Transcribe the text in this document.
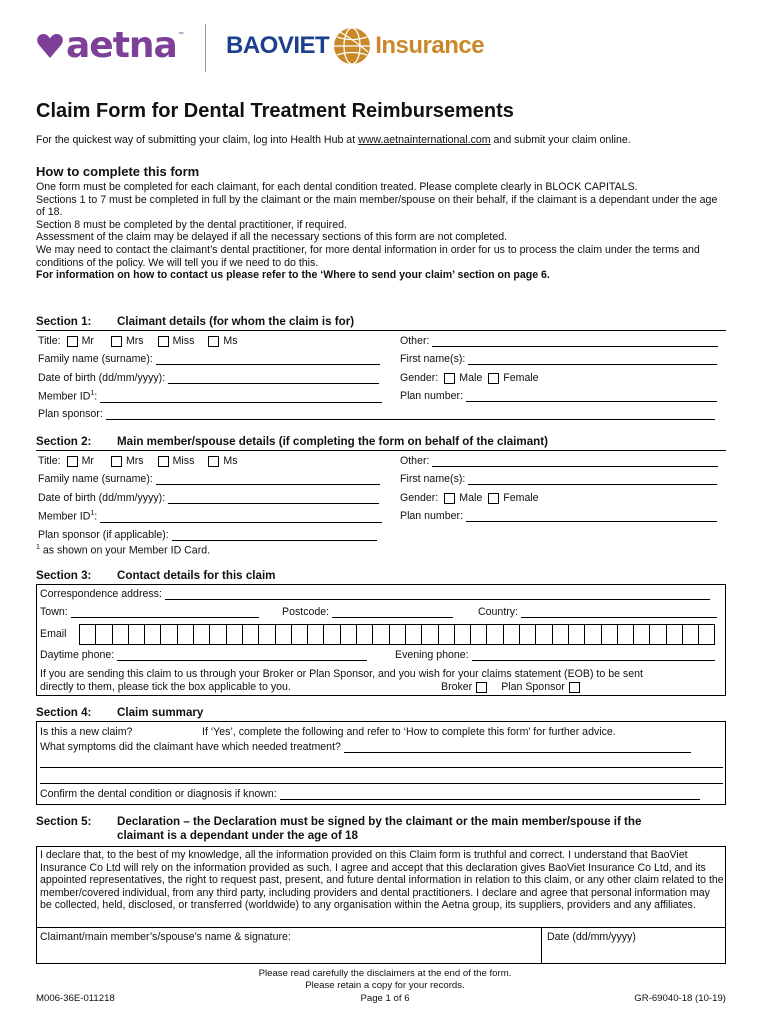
aetna ™ BAOVIET Insurance
Claim Form for Dental Treatment Reimbursements
For the quickest way of submitting your claim, log into Health Hub at www.aetnainternational.com and submit your claim online.
How to complete this form

One form must be completed for each claimant, for each dental condition treated. Please complete clearly in BLOCK CAPITALS.

Sections 1 to 7 must be completed in full by the claimant or the main member/spouse on their behalf, if the claimant is a dependant under the age of 18.

Section 8 must be completed by the dental practitioner, if required.

Assessment of the claim may be delayed if all the necessary sections of this form are not completed.

We may need to contact the claimant’s dental practitioner, for more dental information in order for us to process the claim under the terms and conditions of the policy. We will tell you if we need to do this.

For information on how to contact us please refer to the ‘Where to send your claim’ section on page 6.

Section 1:	Claimant details (for whom the claim is for)
Title: Mr	Mrs	Miss	Ms	Other:
Family name (surname):	First name(s):
Date of birth (dd/mm/yyyy):	Gender: Male Female
Member $ID^1$:	Plan number:
Plan sponsor:
Section 2:	Main member/spouse details (if completing the form on behalf of the claimant)
Title: Mr	Mrs	Miss	Ms	Other:
Family name (surname):	First name(s):
Date of birth (dd/mm/yyyy):	Gender: Male Female
Member $ID^1$:	Plan number:
Plan sponsor (if applicable):
$^1$ as shown on your Member ID Card.
Section 3:	Contact details for this claim
Correspondence address:
Town:	Postcode:	Country:
Email
Daytime phone:	Evening phone:
If you are sending this claim to us through your Broker or Plan Sponsor, and you wish for your claims statement (EOB) to be sent
directly to them, please tick the box applicable to you.	Broker	Plan Sponsor
Section 4:	Claim summary
Is this a new claim?	If ‘Yes’, complete the following and refer to ‘How to complete this form’ for further advice.
What symptoms did the claimant have which needed treatment?
Confirm the dental condition or diagnosis if known:
Section 5:	Declaration – the Declaration must be signed by the claimant or the main member/spouse if the
claimant is a dependant under the age of 18
I declare that, to the best of my knowledge, all the information provided on this Claim form is truthful and correct. I understand that BaoViet Insurance Co Ltd will rely on the information provided as such. I agree and accept that this declaration gives BaoViet Insurance Co Ltd, and its appointed representatives, the right to request past, present, and future dental information in relation to this claim, or any other claim related to the member/covered individual, from any third party, including providers and dental practitioners. I declare and agree that personal information may be collected, held, disclosed, or transferred (worldwide) to any organisation within the Aetna group, its suppliers, providers and any affiliates.
Claimant/main member’s/spouse’s name & signature:	Date (dd/mm/yyyy)
Please read carefully the disclaimers at the end of the form.
Please retain a copy for your records.
Page 1 of 6
M006-36E-011218	GR-69040-18 (10-19)
